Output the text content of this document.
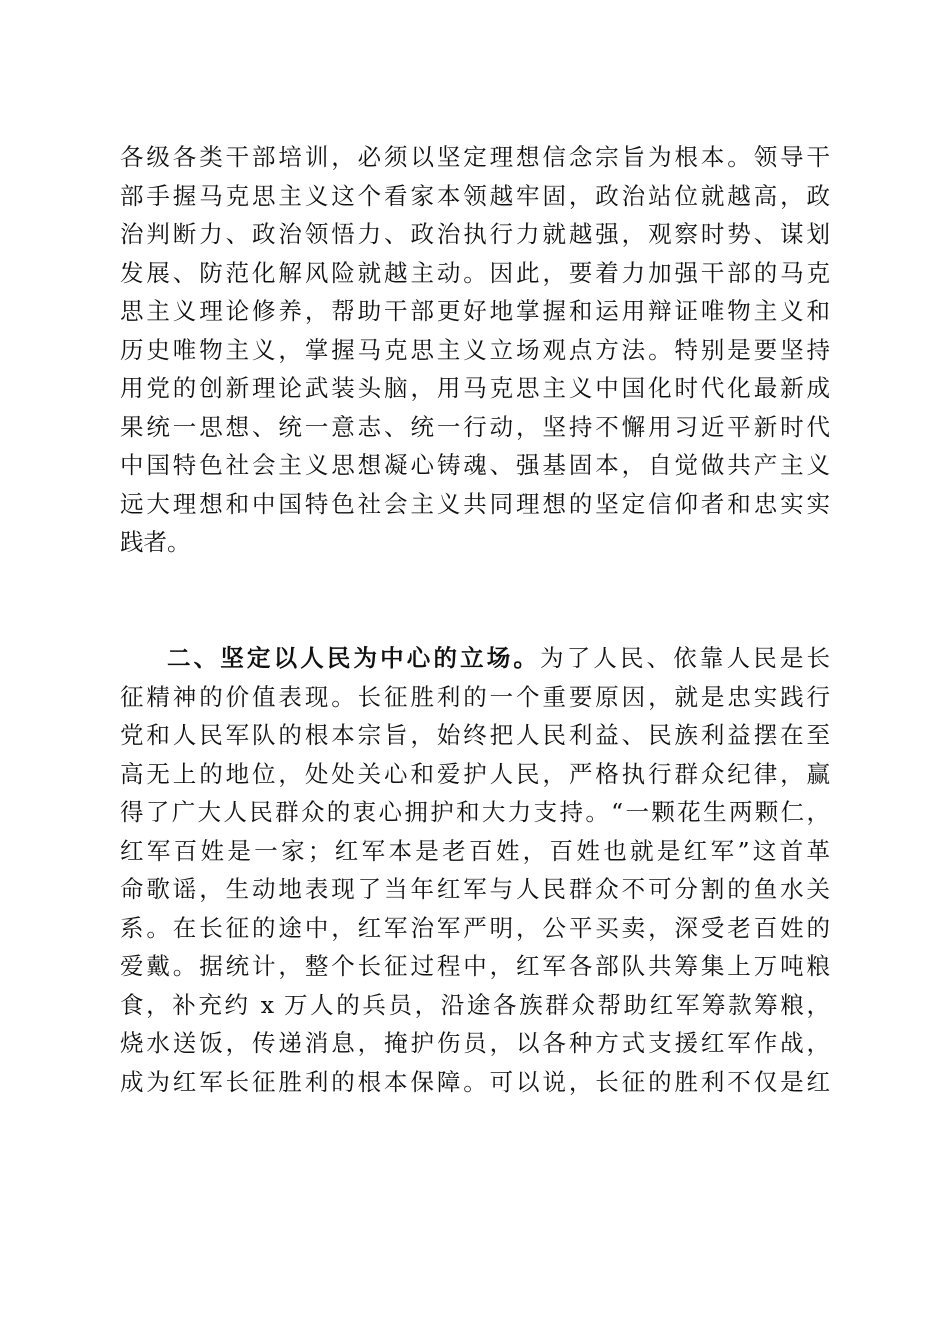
各级各类干部培训，必须以坚定理想信念宗旨为根本。领导干
部手握马克思主义这个看家本领越牢固，政治站位就越高，政
治判断力、政治领悟力、政治执行力就越强，观察时势、谋划
发展、防范化解风险就越主动。因此，要着力加强干部的马克
思主义理论修养，帮助干部更好地掌握和运用辩证唯物主义和
历史唯物主义，掌握马克思主义立场观点方法。特别是要坚持
用党的创新理论武装头脑，用马克思主义中国化时代化最新成
果统一思想、统一意志、统一行动，坚持不懈用习近平新时代
中国特色社会主义思想凝心铸魂、强基固本，自觉做共产主义
远大理想和中国特色社会主义共同理想的坚定信仰者和忠实实
践者。
二、坚定以人民为中心的立场。为了人民、依靠人民是长
征精神的价值表现。长征胜利的一个重要原因，就是忠实践行
党和人民军队的根本宗旨，始终把人民利益、民族利益摆在至
高无上的地位，处处关心和爱护人民，严格执行群众纪律，赢
得了广大人民群众的衷心拥护和大力支持。“一颗花生两颗仁，
红军百姓是一家；红军本是老百姓，百姓也就是红军”这首革
命歌谣，生动地表现了当年红军与人民群众不可分割的鱼水关
系。在长征的途中，红军治军严明，公平买卖，深受老百姓的
爱戴。据统计，整个长征过程中，红军各部队共筹集上万吨粮
食，补充约 x 万人的兵员，沿途各族群众帮助红军筹款筹粮，
烧水送饭，传递消息，掩护伤员，以各种方式支援红军作战，
成为红军长征胜利的根本保障。可以说，长征的胜利不仅是红
